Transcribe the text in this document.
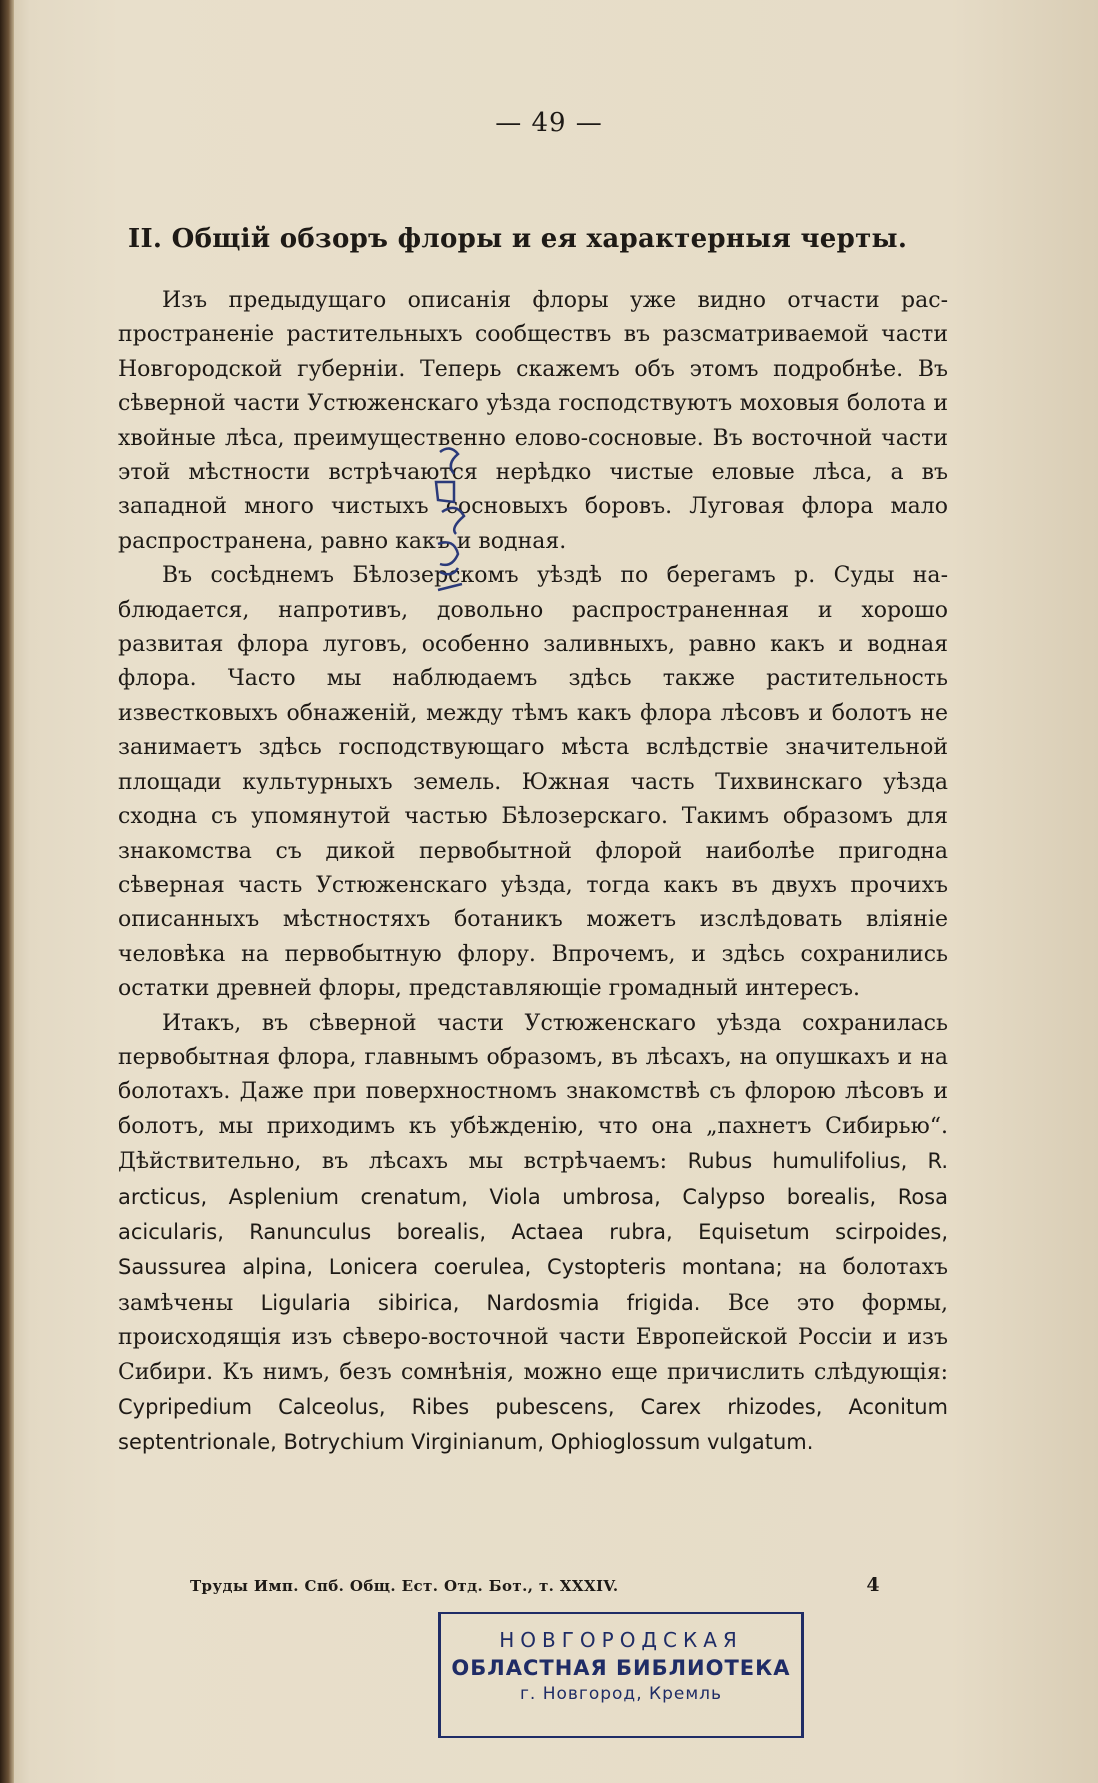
— 49 —
II. Общій обзоръ флоры и ея характерныя черты.

Изъ предыдущаго описанія флоры уже видно отчасти распространеніе растительныхъ сообществъ въ разсматриваемой части Новгородской губерніи. Теперь скажемъ объ этомъ подробнѣе. Въ сѣверной части Устюженскаго уѣзда господствуютъ моховыя болота и хвойные лѣса, преимущественно елово-сосновые. Въ восточной части этой мѣстности встрѣчаются нерѣдко чистые еловые лѣса, а въ западной много чистыхъ сосновыхъ боровъ. Луговая флора мало распространена, равно какъ и водная.

Въ сосѣднемъ Бѣлозерскомъ уѣздѣ по берегамъ р. Суды наблюдается, напротивъ, довольно распространенная и хорошо развитая флора луговъ, особенно заливныхъ, равно какъ и водная флора. Часто мы наблюдаемъ здѣсь также растительность известковыхъ обнаженій, между тѣмъ какъ флора лѣсовъ и болотъ не занимаетъ здѣсь господствующаго мѣста вслѣдствіе значительной площади культурныхъ земель. Южная часть Тихвинскаго уѣзда сходна съ упомянутой частью Бѣлозерскаго. Такимъ образомъ для знакомства съ дикой первобытной флорой наиболѣе пригодна сѣверная часть Устюженскаго уѣзда, тогда какъ въ двухъ прочихъ описанныхъ мѣстностяхъ ботаникъ можетъ изслѣдовать вліяніе человѣка на первобытную флору. Впрочемъ, и здѣсь сохранились остатки древней флоры, представляющіе громадный интересъ.

Итакъ, въ сѣверной части Устюженскаго уѣзда сохранилась первобытная флора, главнымъ образомъ, въ лѣсахъ, на опушкахъ и на болотахъ. Даже при поверхностномъ знакомствѣ съ флорою лѣсовъ и болотъ, мы приходимъ къ убѣжденію, что она „пахнетъ Сибирью“. Дѣйствительно, въ лѣсахъ мы встрѣчаемъ: Rubus humulifolius, R. arcticus, Asplenium crenatum, Viola umbrosa, Calypso borealis, Rosa acicularis, Ranunculus borealis, Actaea rubra, Equisetum scirpoides, Saussurea alpina, Lonicera coerulea, Cystopteris montana; на болотахъ замѣчены Ligularia sibirica, Nardosmia frigida. Все это формы, происходящія изъ сѣверо-восточной части Европейской Россіи и изъ Сибири. Къ нимъ, безъ сомнѣнія, можно еще причислить слѣдующія: Cypripedium Calceolus, Ribes pubescens, Carex rhizodes, Aconitum septentrionale, Botrychium Virginianum, Ophioglossum vulgatum.

Труды Имп. Спб. Общ. Ест. Отд. Бот., т. XXXIV.	4
НОВГОРОДСКАЯ
ОБЛАСТНАЯ БИБЛИОТЕКА
г. Новгород, Кремль
